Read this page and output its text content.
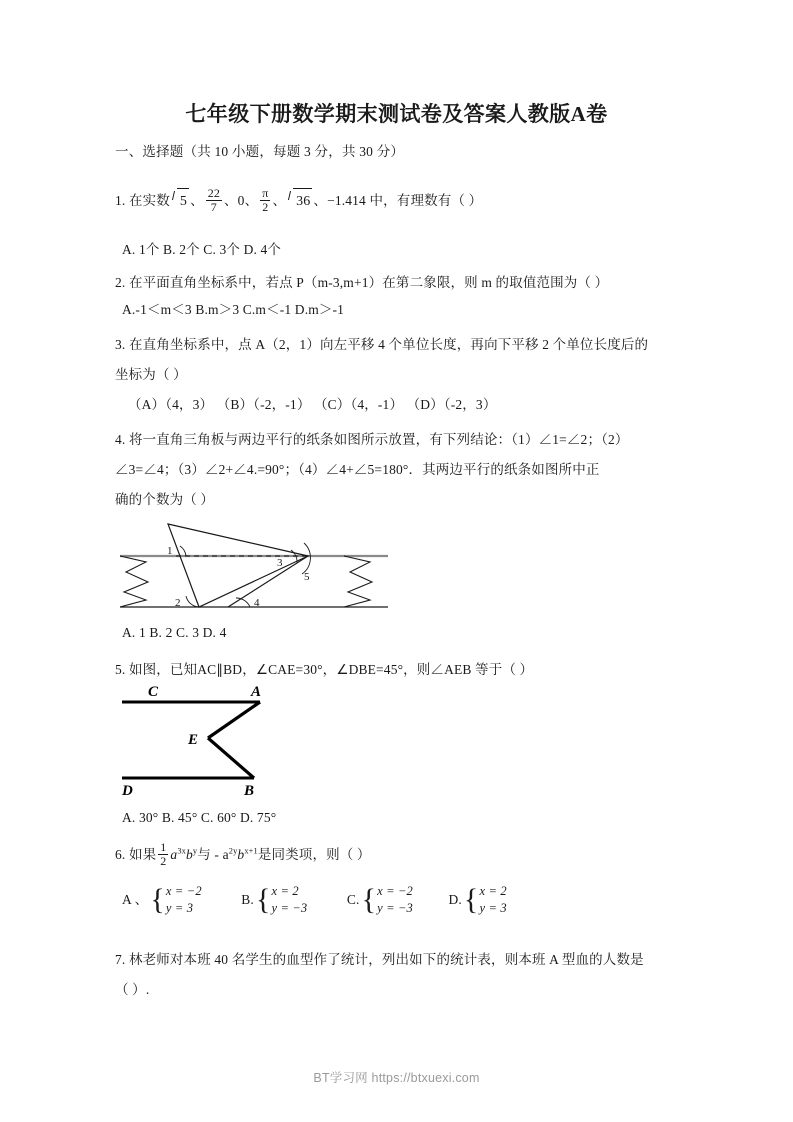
七年级下册数学期末测试卷及答案人教版A卷
一、选择题（共 10 小题，每题 3 分，共 30 分）
1. 在实数 5 、 $\frac{22}{7}$ 、0、 $\frac{\pi}{2}$ 、 36 、−1.414 中，有理数有（ ）
A. 1个 B. 2个 C. 3个 D. 4个
2. 在平面直角坐标系中，若点 P（m-3,m+1）在第二象限，则 m 的取值范围为（ ）
A.-1＜m＜3 B.m＞3 C.m＜-1 D.m＞-1
3. 在直角坐标系中，点 A（2，1）向左平移 4 个单位长度，再向下平移 2 个单位长度后的
坐标为（ ）
（A）（4，3） （B）（-2，-1） （C）（4，-1） （D）（-2，3）
4. 将一直角三角板与两边平行的纸条如图所示放置，有下列结论：（1）∠1=∠2；（2）
∠3=∠4；（3）∠2+∠4.=90°；（4）∠4+∠5=180°．其两边平行的纸条如图所中正
确的个数为（ ）
1
2
3
4
5
A. 1 B. 2 C. 3 D. 4
5. 如图，已知AC∥BD，∠CAE=30°，∠DBE=45°，则∠AEB 等于（ ）
C	A
E
D	B
A. 30° B. 45° C. 60° D. 75°
6. 如果 $\frac{1}{2} a^{3x}b^y$与 - $a^{2y}b^{x+1}$是同类项，则（ ）
A 、 { x = −2
y = 3
B. { x = 2
y = −3
C. { x = −2
y = −3
D. { x = 2
y = 3
7. 林老师对本班 40 名学生的血型作了统计，列出如下的统计表，则本班 A 型血的人数是
（ ）.
BT学习网 https://btxuexi.com
